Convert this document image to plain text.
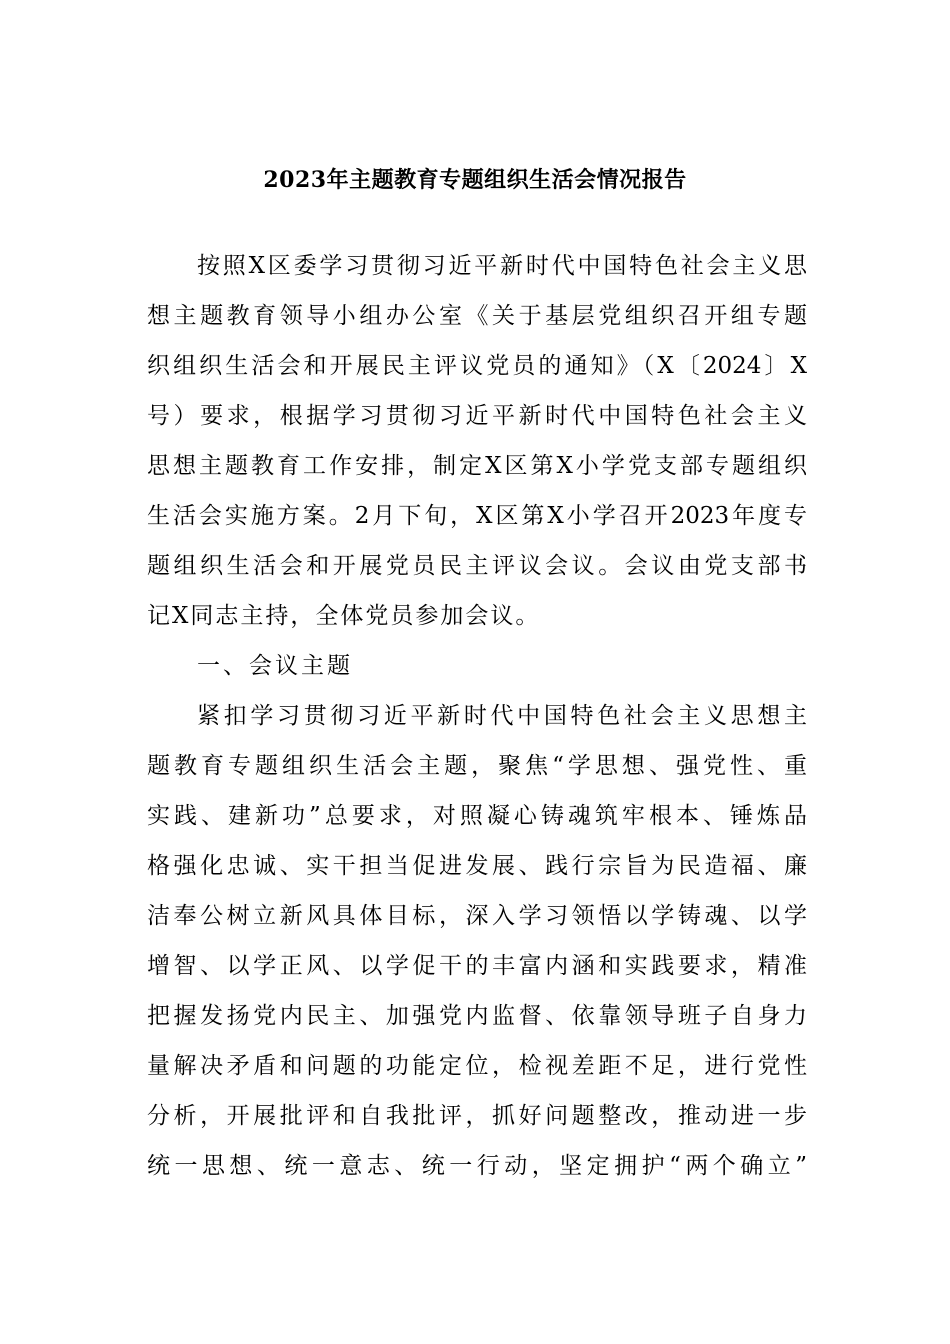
2023年主题教育专题组织生活会情况报告

按照X区委学习贯彻习近平新时代中国特色社会主义思

想主题教育领导小组办公室《关于基层党组织召开组专题

织组织生活会和开展民主评议党员的通知》（X〔2024〕X

号）要求，根据学习贯彻习近平新时代中国特色社会主义

思想主题教育工作安排，制定X区第X小学党支部专题组织

生活会实施方案。2月下旬，X区第X小学召开2023年度专

题组织生活会和开展党员民主评议会议。会议由党支部书

记X同志主持，全体党员参加会议。

一、会议主题

紧扣学习贯彻习近平新时代中国特色社会主义思想主

题教育专题组织生活会主题，聚焦“学思想、强党性、重

实践、建新功”总要求，对照凝心铸魂筑牢根本、锤炼品

格强化忠诚、实干担当促进发展、践行宗旨为民造福、廉

洁奉公树立新风具体目标，深入学习领悟以学铸魂、以学

增智、以学正风、以学促干的丰富内涵和实践要求，精准

把握发扬党内民主、加强党内监督、依靠领导班子自身力

量解决矛盾和问题的功能定位，检视差距不足，进行党性

分析，开展批评和自我批评，抓好问题整改，推动进一步

统一思想、统一意志、统一行动，坚定拥护“两个确立”
